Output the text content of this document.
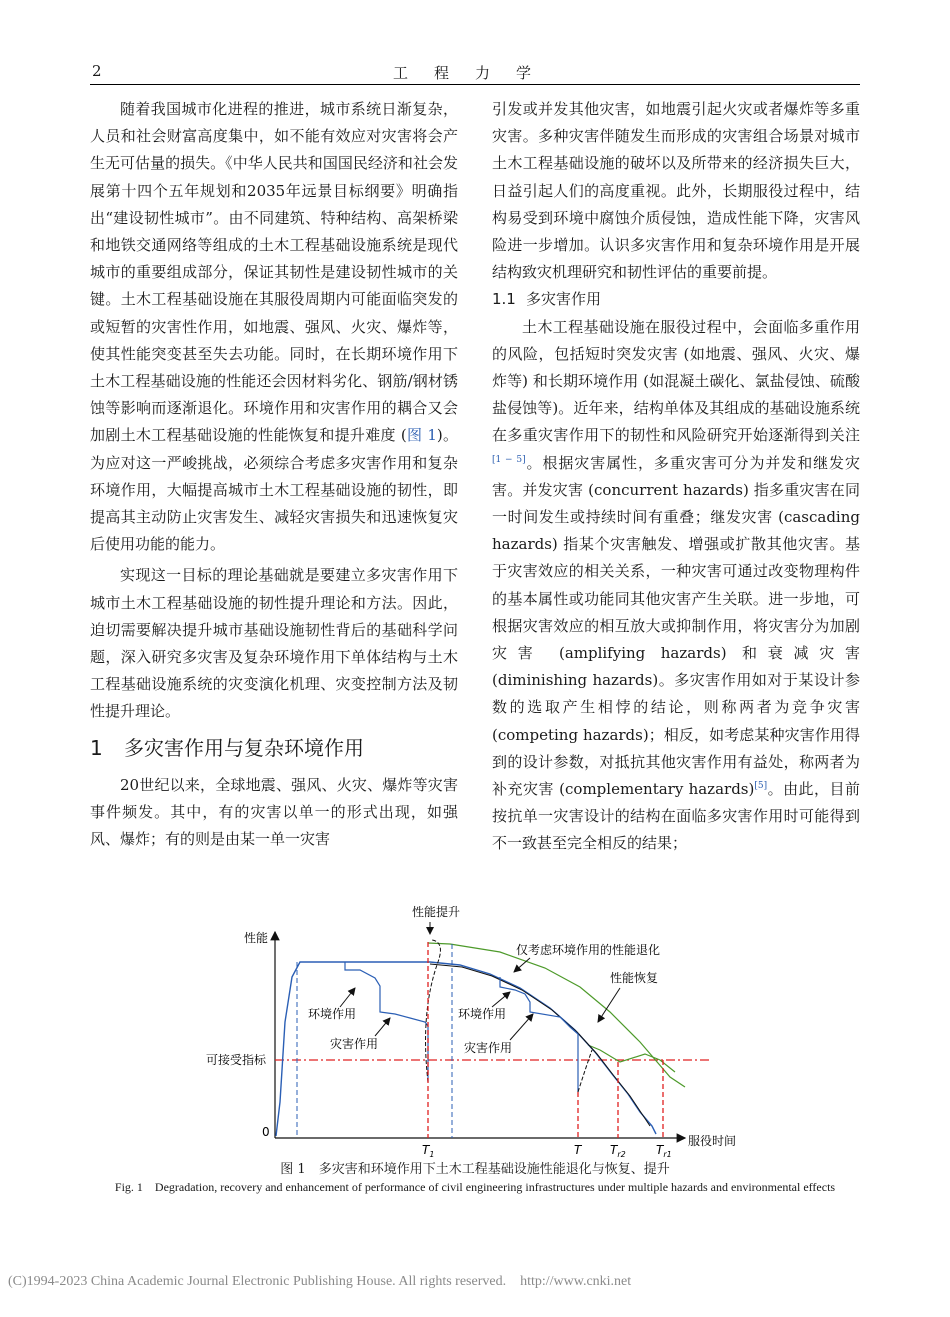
2	工程力学

随着我国城市化进程的推进，城市系统日渐复杂，人员和社会财富高度集中，如不能有效应对灾害将会产生无可估量的损失。《中华人民共和国国民经济和社会发展第十四个五年规划和2035年远景目标纲要》明确指出“建设韧性城市”。由不同建筑、特种结构、高架桥梁和地铁交通网络等组成的土木工程基础设施系统是现代城市的重要组成部分，保证其韧性是建设韧性城市的关键。土木工程基础设施在其服役周期内可能面临突发的或短暂的灾害性作用，如地震、强风、火灾、爆炸等，使其性能突变甚至失去功能。同时，在长期环境作用下土木工程基础设施的性能还会因材料劣化、钢筋/钢材锈蚀等影响而逐渐退化。环境作用和灾害作用的耦合又会加剧土木工程基础设施的性能恢复和提升难度 (图 1)。为应对这一严峻挑战，必须综合考虑多灾害作用和复杂环境作用，大幅提高城市土木工程基础设施的韧性，即提高其主动防止灾害发生、减轻灾害损失和迅速恢复灾后使用功能的能力。

实现这一目标的理论基础就是要建立多灾害作用下城市土木工程基础设施的韧性提升理论和方法。因此，迫切需要解决提升城市基础设施韧性背后的基础科学问题，深入研究多灾害及复杂环境作用下单体结构与土木工程基础设施系统的灾变演化机理、灾变控制方法及韧性提升理论。

1 多灾害作用与复杂环境作用

20世纪以来，全球地震、强风、火灾、爆炸等灾害事件频发。其中，有的灾害以单一的形式出现，如强风、爆炸；有的则是由某一单一灾害

引发或并发其他灾害，如地震引起火灾或者爆炸等多重灾害。多种灾害伴随发生而形成的灾害组合场景对城市土木工程基础设施的破坏以及所带来的经济损失巨大，日益引起人们的高度重视。此外，长期服役过程中，结构易受到环境中腐蚀介质侵蚀，造成性能下降，灾害风险进一步增加。认识多灾害作用和复杂环境作用是开展结构致灾机理研究和韧性评估的重要前提。

1.1 多灾害作用

土木工程基础设施在服役过程中，会面临多重作用的风险，包括短时突发灾害 (如地震、强风、火灾、爆炸等) 和长期环境作用 (如混凝土碳化、氯盐侵蚀、硫酸盐侵蚀等)。近年来，结构单体及其组成的基础设施系统在多重灾害作用下的韧性和风险研究开始逐渐得到关注[1 − 5]。根据灾害属性，多重灾害可分为并发和继发灾害。并发灾害 (concurrent hazards) 指多重灾害在同一时间发生或持续时间有重叠；继发灾害 (cascading hazards) 指某个灾害触发、增强或扩散其他灾害。基于灾害效应的相关关系，一种灾害可通过改变物理构件的基本属性或功能同其他灾害产生关联。进一步地，可根据灾害效应的相互放大或抑制作用，将灾害分为加剧灾害 (amplifying hazards) 和衰减灾害 (diminishing hazards)。多灾害作用如对于某设计参数的选取产生相悖的结论，则称两者为竞争灾害 (competing hazards)；相反，如考虑某种灾害作用得到的设计参数，对抵抗其他灾害作用有益处，称两者为补充灾害 (complementary hazards)[5]。由此，目前按抗单一灾害设计的结构在面临多灾害作用时可能得到不一致甚至完全相反的结果；

性能
服役时间
0
可接受指标
性能提升
仅考虑环境作用的性能退化
性能恢复
环境作用
灾害作用
环境作用
灾害作用
$T_1$	T $T_{r2}$	$T_{r1}$
图 1　多灾害和环境作用下土木工程基础设施性能退化与恢复、提升
Fig. 1　Degradation, recovery and enhancement of performance of civil engineering infrastructures under multiple hazards and environmental effects
(C)1994-2023 China Academic Journal Electronic Publishing House. All rights reserved.　http://www.cnki.net
